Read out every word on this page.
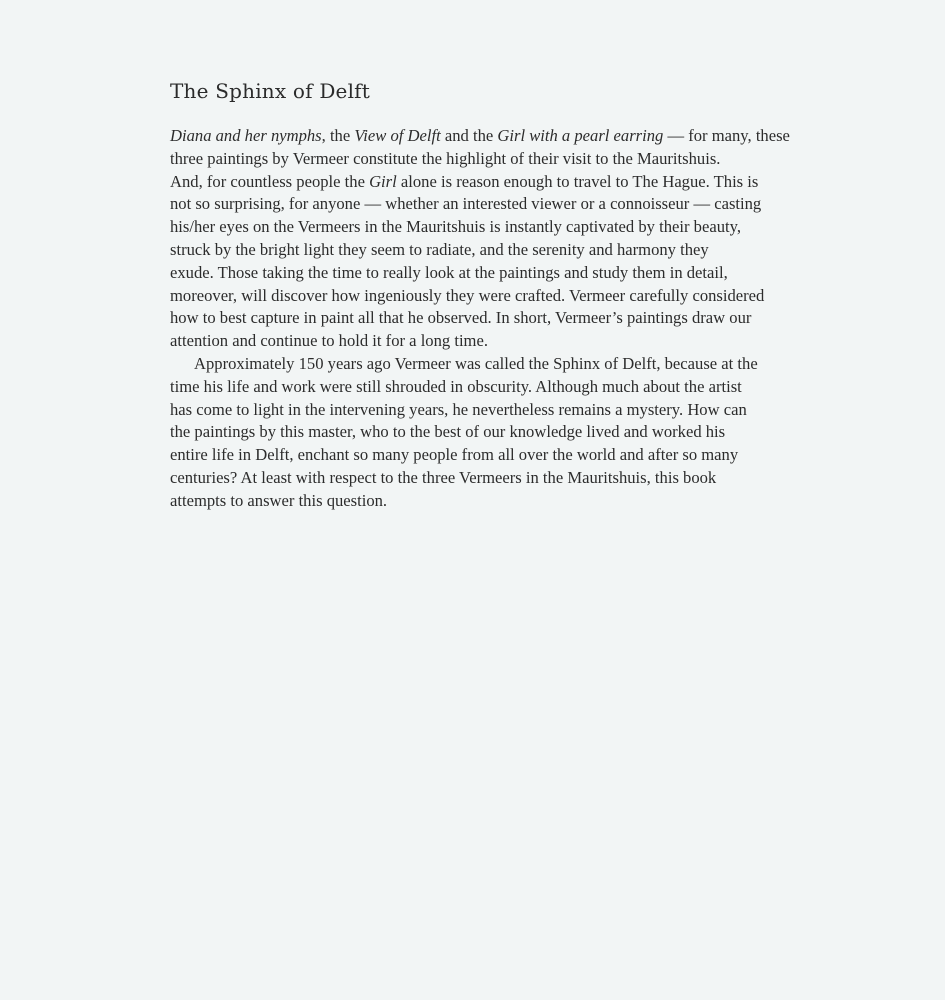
The Sphinx of Delft
Diana and her nymphs, the View of Delft and the Girl with a pearl earring — for many, these
three paintings by Vermeer constitute the highlight of their visit to the Mauritshuis.
And, for countless people the Girl alone is reason enough to travel to The Hague. This is
not so surprising, for anyone — whether an interested viewer or a connoisseur — casting
his/her eyes on the Vermeers in the Mauritshuis is instantly captivated by their beauty,
struck by the bright light they seem to radiate, and the serenity and harmony they
exude. Those taking the time to really look at the paintings and study them in detail,
moreover, will discover how ingeniously they were crafted. Vermeer carefully considered
how to best capture in paint all that he observed. In short, Vermeer’s paintings draw our
attention and continue to hold it for a long time.
Approximately 150 years ago Vermeer was called the Sphinx of Delft, because at the
time his life and work were still shrouded in obscurity. Although much about the artist
has come to light in the intervening years, he nevertheless remains a mystery. How can
the paintings by this master, who to the best of our knowledge lived and worked his
entire life in Delft, enchant so many people from all over the world and after so many
centuries? At least with respect to the three Vermeers in the Mauritshuis, this book
attempts to answer this question.
